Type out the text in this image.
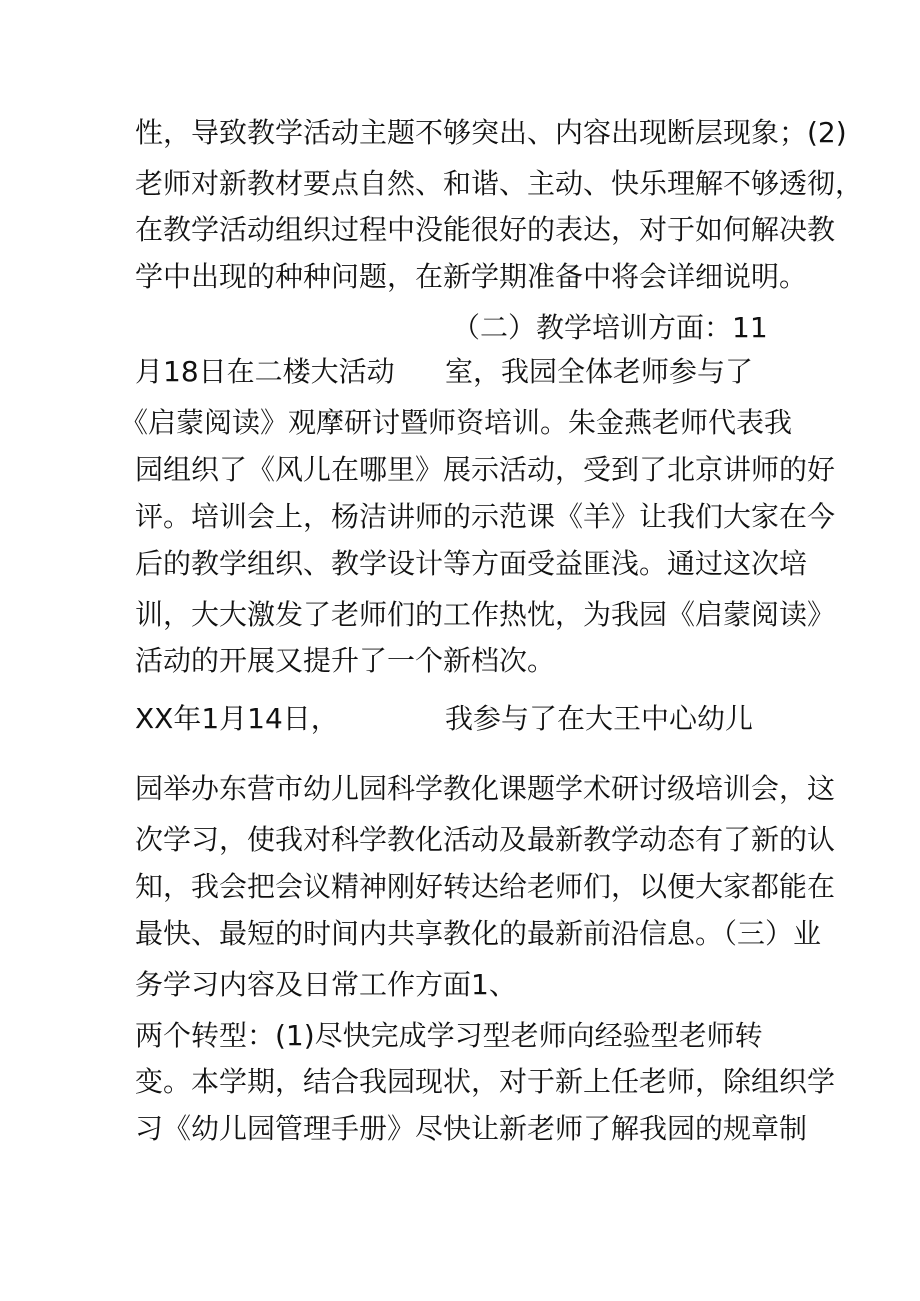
性，导致教学活动主题不够突出、内容出现断层现象；(2)
老师对新教材要点自然、和谐、主动、快乐理解不够透彻，
在教学活动组织过程中没能很好的表达，对于如何解决教
学中出现的种种问题，在新学期准备中将会详细说明。
（二）教学培训方面：11
月18日在二楼大活动 室，我园全体老师参与了
《启蒙阅读》观摩研讨暨师资培训。朱金燕老师代表我
园组织了《风儿在哪里》展示活动，受到了北京讲师的好
评。培训会上，杨洁讲师的示范课《羊》让我们大家在今
后的教学组织、教学设计等方面受益匪浅。通过这次培
训，大大激发了老师们的工作热忱，为我园《启蒙阅读》
活动的开展又提升了一个新档次。
XX年1月14日，	我参与了在大王中心幼儿
园举办东营市幼儿园科学教化课题学术研讨级培训会，这
次学习，使我对科学教化活动及最新教学动态有了新的认
知，我会把会议精神刚好转达给老师们，以便大家都能在
最快、最短的时间内共享教化的最新前沿信息。（三）业
务学习内容及日常工作方面1、
两个转型：(1)尽快完成学习型老师向经验型老师转
变。本学期，结合我园现状，对于新上任老师，除组织学
习《幼儿园管理手册》尽快让新老师了解我园的规章制
